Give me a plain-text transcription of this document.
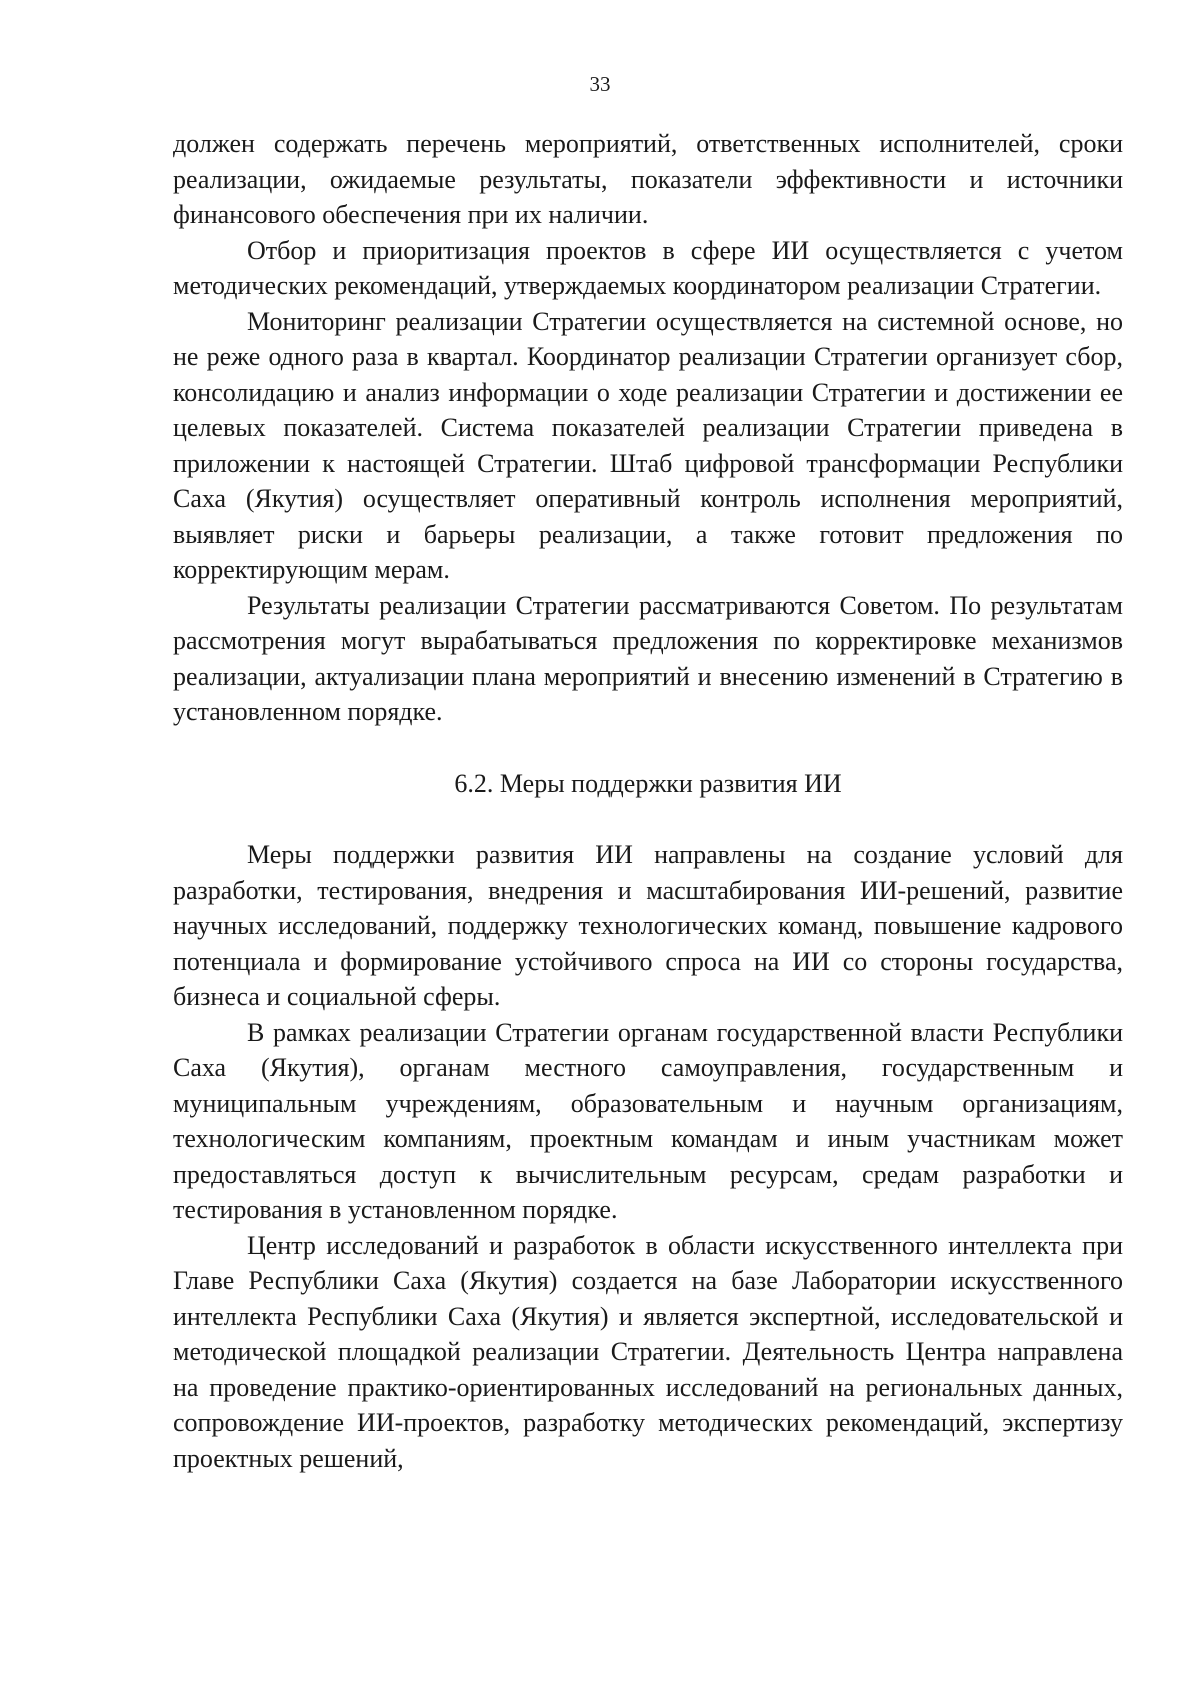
33

должен содержать перечень мероприятий, ответственных исполнителей, сроки реализации, ожидаемые результаты, показатели эффективности и источники финансового обеспечения при их наличии.

Отбор и приоритизация проектов в сфере ИИ осуществляется с учетом методических рекомендаций, утверждаемых координатором реализации Стратегии.

Мониторинг реализации Стратегии осуществляется на системной основе, но не реже одного раза в квартал. Координатор реализации Стратегии организует сбор, консолидацию и анализ информации о ходе реализации Стратегии и достижении ее целевых показателей. Система показателей реализации Стратегии приведена в приложении к настоящей Стратегии. Штаб цифровой трансформации Республики Саха (Якутия) осуществляет оперативный контроль исполнения мероприятий, выявляет риски и барьеры реализации, а также готовит предложения по корректирующим мерам.

Результаты реализации Стратегии рассматриваются Советом. По результатам рассмотрения могут вырабатываться предложения по корректировке механизмов реализации, актуализации плана мероприятий и внесению изменений в Стратегию в установленном порядке.

6.2. Меры поддержки развития ИИ

Меры поддержки развития ИИ направлены на создание условий для разработки, тестирования, внедрения и масштабирования ИИ-решений, развитие научных исследований, поддержку технологических команд, повышение кадрового потенциала и формирование устойчивого спроса на ИИ со стороны государства, бизнеса и социальной сферы.

В рамках реализации Стратегии органам государственной власти Республики Саха (Якутия), органам местного самоуправления, государственным и муниципальным учреждениям, образовательным и научным организациям, технологическим компаниям, проектным командам и иным участникам может предоставляться доступ к вычислительным ресурсам, средам разработки и тестирования в установленном порядке.

Центр исследований и разработок в области искусственного интеллекта при Главе Республики Саха (Якутия) создается на базе Лаборатории искусственного интеллекта Республики Саха (Якутия) и является экспертной, исследовательской и методической площадкой реализации Стратегии. Деятельность Центра направлена на проведение практико-ориентированных исследований на региональных данных, сопровождение ИИ-проектов, разработку методических рекомендаций, экспертизу проектных решений,
